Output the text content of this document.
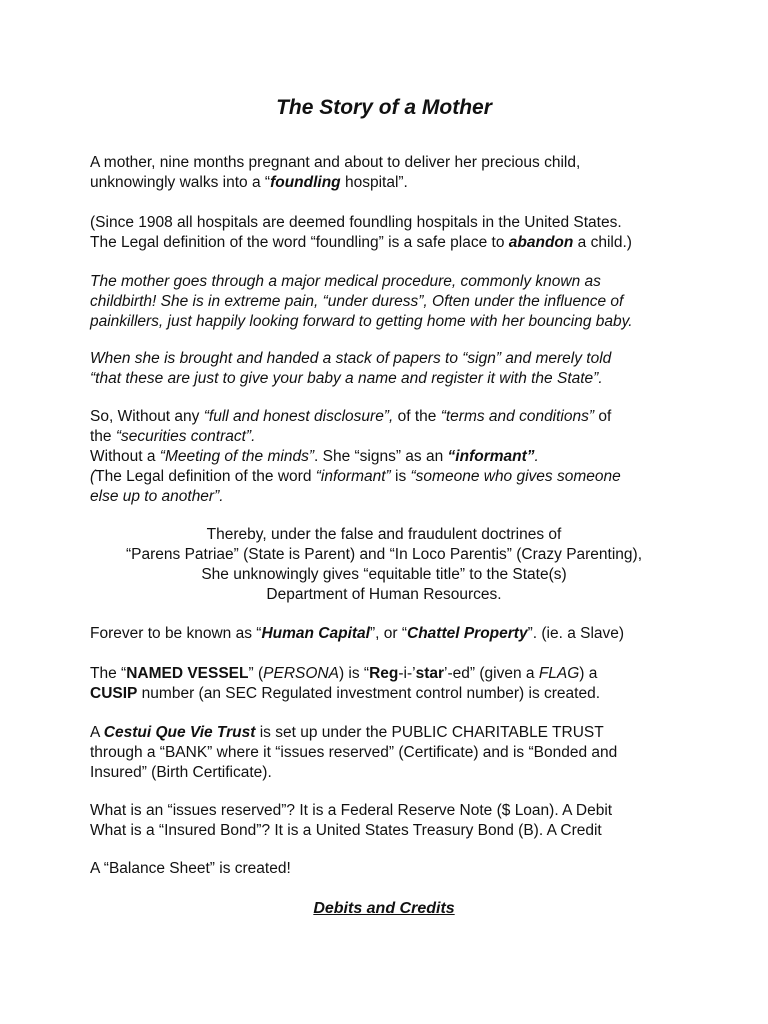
The Story of a Mother

A mother, nine months pregnant and about to deliver her precious child,
unknowingly walks into a “foundling hospital”.

(Since 1908 all hospitals are deemed foundling hospitals in the United States.
The Legal definition of the word “foundling” is a safe place to abandon a child.)

The mother goes through a major medical procedure, commonly known as
childbirth! She is in extreme pain, “under duress”, Often under the influence of
painkillers, just happily looking forward to getting home with her bouncing baby.

When she is brought and handed a stack of papers to “sign” and merely told
“that these are just to give your baby a name and register it with the State”.

So, Without any “full and honest disclosure”, of the “terms and conditions” of
the “securities contract”.
Without a “Meeting of the minds”. She “signs” as an “informant”.
(The Legal definition of the word “informant” is “someone who gives someone
else up to another”.

Thereby, under the false and fraudulent doctrines of
“Parens Patriae” (State is Parent) and “In Loco Parentis” (Crazy Parenting),
She unknowingly gives “equitable title” to the State(s)
Department of Human Resources.

Forever to be known as “Human Capital”, or “Chattel Property”. (ie. a Slave)

The “NAMED VESSEL” (PERSONA) is “Reg-i-’star’-ed” (given a FLAG) a
CUSIP number (an SEC Regulated investment control number) is created.

A Cestui Que Vie Trust is set up under the PUBLIC CHARITABLE TRUST
through a “BANK” where it “issues reserved” (Certificate) and is “Bonded and
Insured” (Birth Certificate).

What is an “issues reserved”? It is a Federal Reserve Note ($ Loan). A Debit
What is a “Insured Bond”? It is a United States Treasury Bond (B). A Credit

A “Balance Sheet” is created!

Debits and Credits
